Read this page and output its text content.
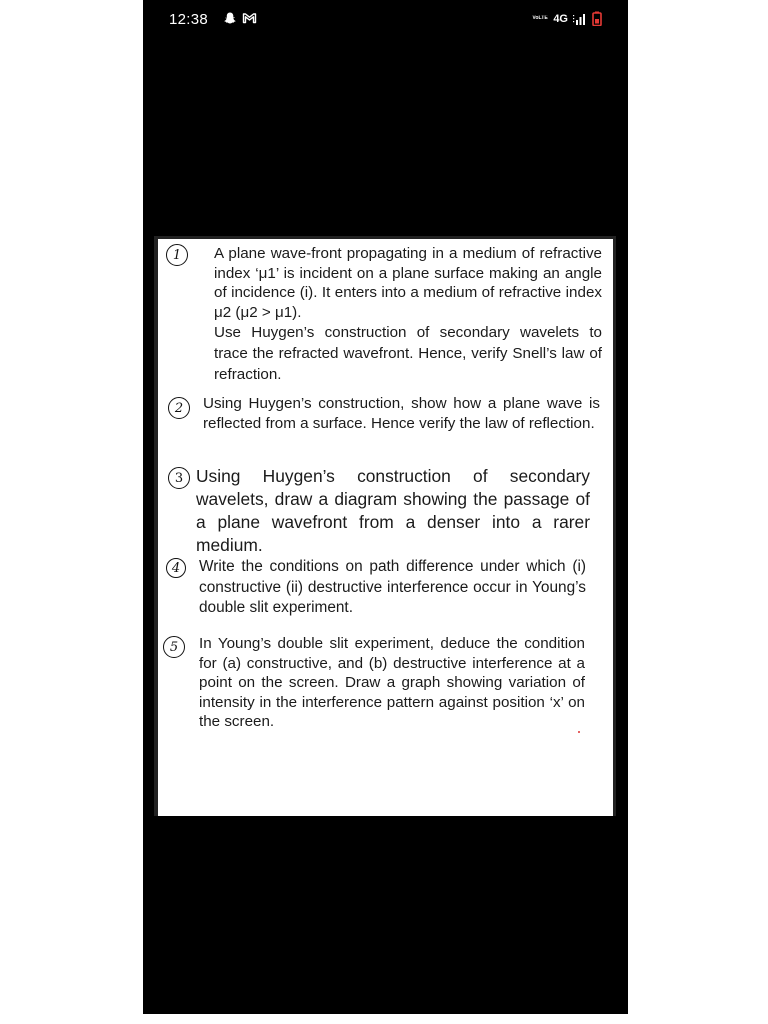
12:38	VoLTE 4G
1	A plane wave-front propagating in a medium of refractive index ‘μ1’ is incident on a plane surface making an angle of incidence (i). It enters into a medium of refractive index μ2 (μ2 > μ1).
Use Huygen’s construction of secondary wavelets to trace the refracted wavefront. Hence, verify Snell’s law of refraction.
2	Using Huygen’s construction, show how a plane wave is reflected from a surface. Hence verify the law of reflection.
3 Using Huygen’s construction of secondary wavelets, draw a diagram showing the passage of a plane wavefront from a denser into a rarer medium.
4	Write the conditions on path difference under which (i) constructive (ii) destructive interference occur in Young’s double slit experiment.
5	In Young’s double slit experiment, deduce the condition for (a) constructive, and (b) destructive interference at a point on the screen. Draw a graph showing variation of intensity in the interference pattern against position ‘x’ on the screen.
